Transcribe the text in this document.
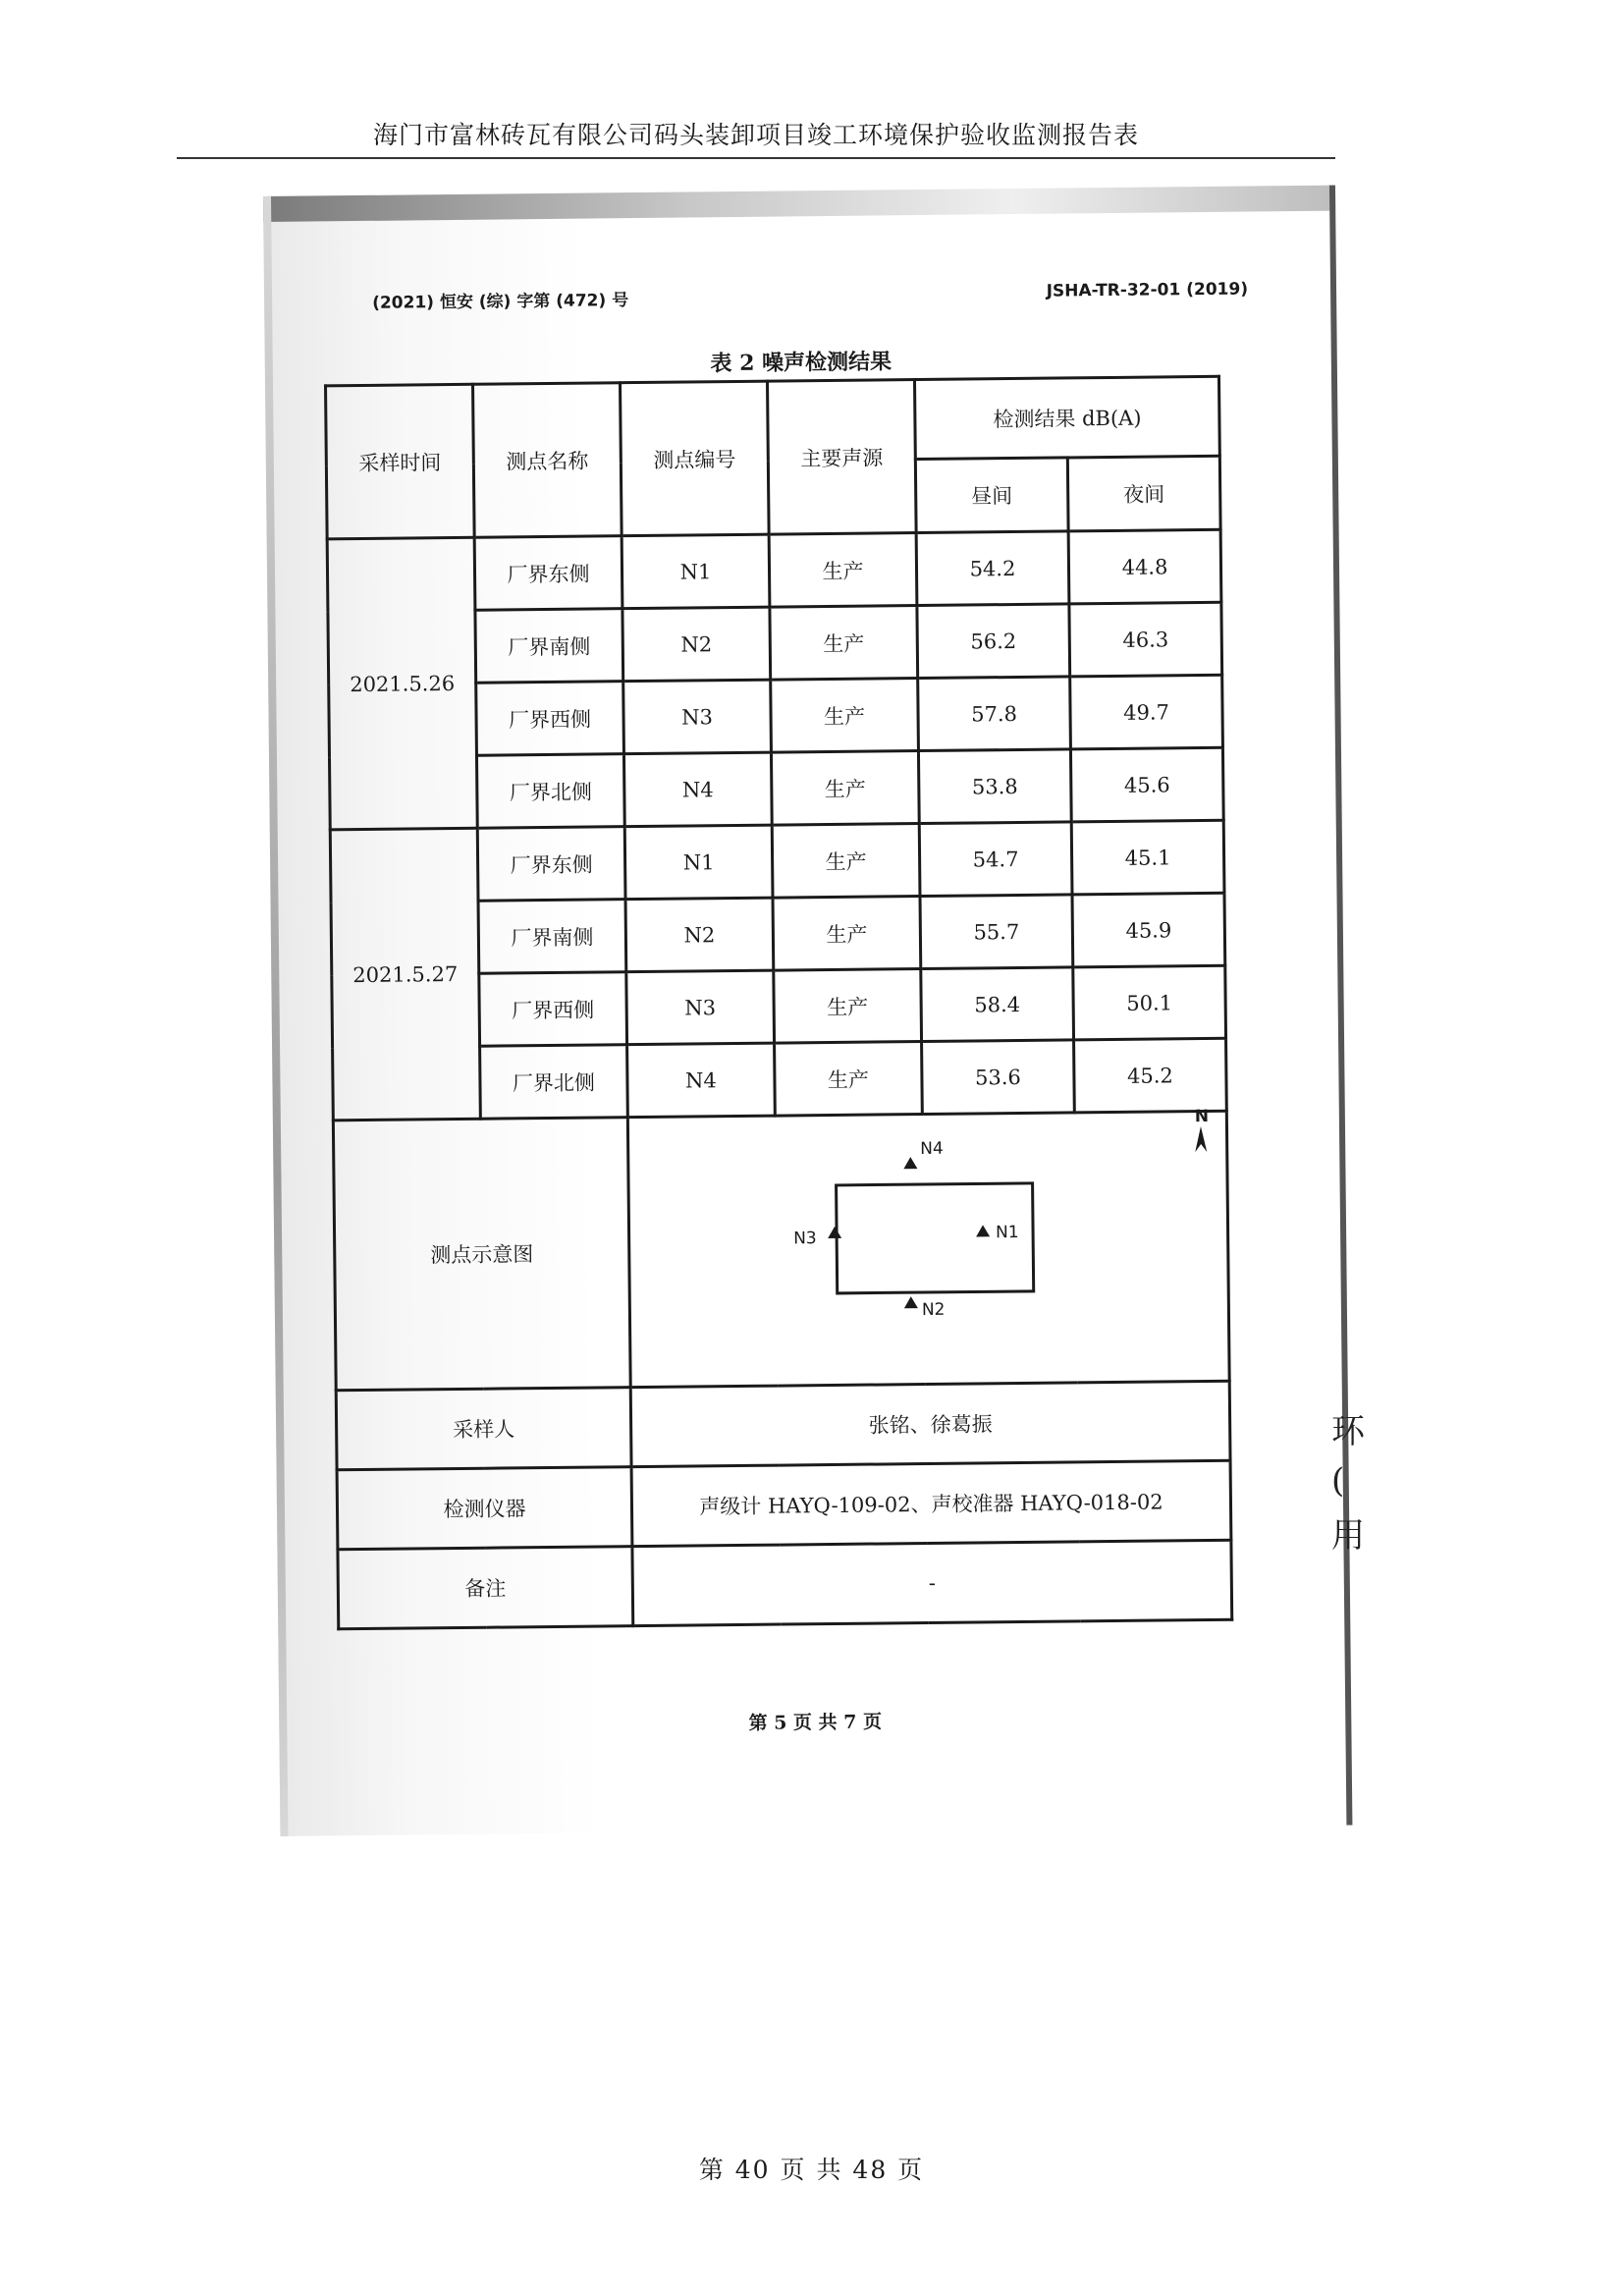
海门市富林砖瓦有限公司码头装卸项目竣工环境保护验收监测报告表
(2021) 恒安 (综) 字第 (472) 号
JSHA-TR-32-01 (2019)
表 2 噪声检测结果
采样时间	测点名称	测点编号	主要声源	检测结果 dB(A)	
				昼间	夜间
2021.5.26	厂界东侧	N1	生产	54.2	44.8
	厂界南侧	N2	生产	56.2	46.3
	厂界西侧	N3	生产	57.8	49.7
	厂界北侧	N4	生产	53.8	45.6
2021.5.27	厂界东侧	N1	生产	54.7	45.1
	厂界南侧	N2	生产	55.7	45.9
	厂界西侧	N3	生产	58.4	50.1
	厂界北侧	N4	生产	53.6	45.2
测点示意图		N4
N1
N3
N2
N			

采样人		张铭、徐葛振			
检测仪器		声级计 HAYQ-109-02、声校准器 HAYQ-018-02			
备注		-			
第 5 页 共 7 页
环
(
用
第 40 页 共 48 页
